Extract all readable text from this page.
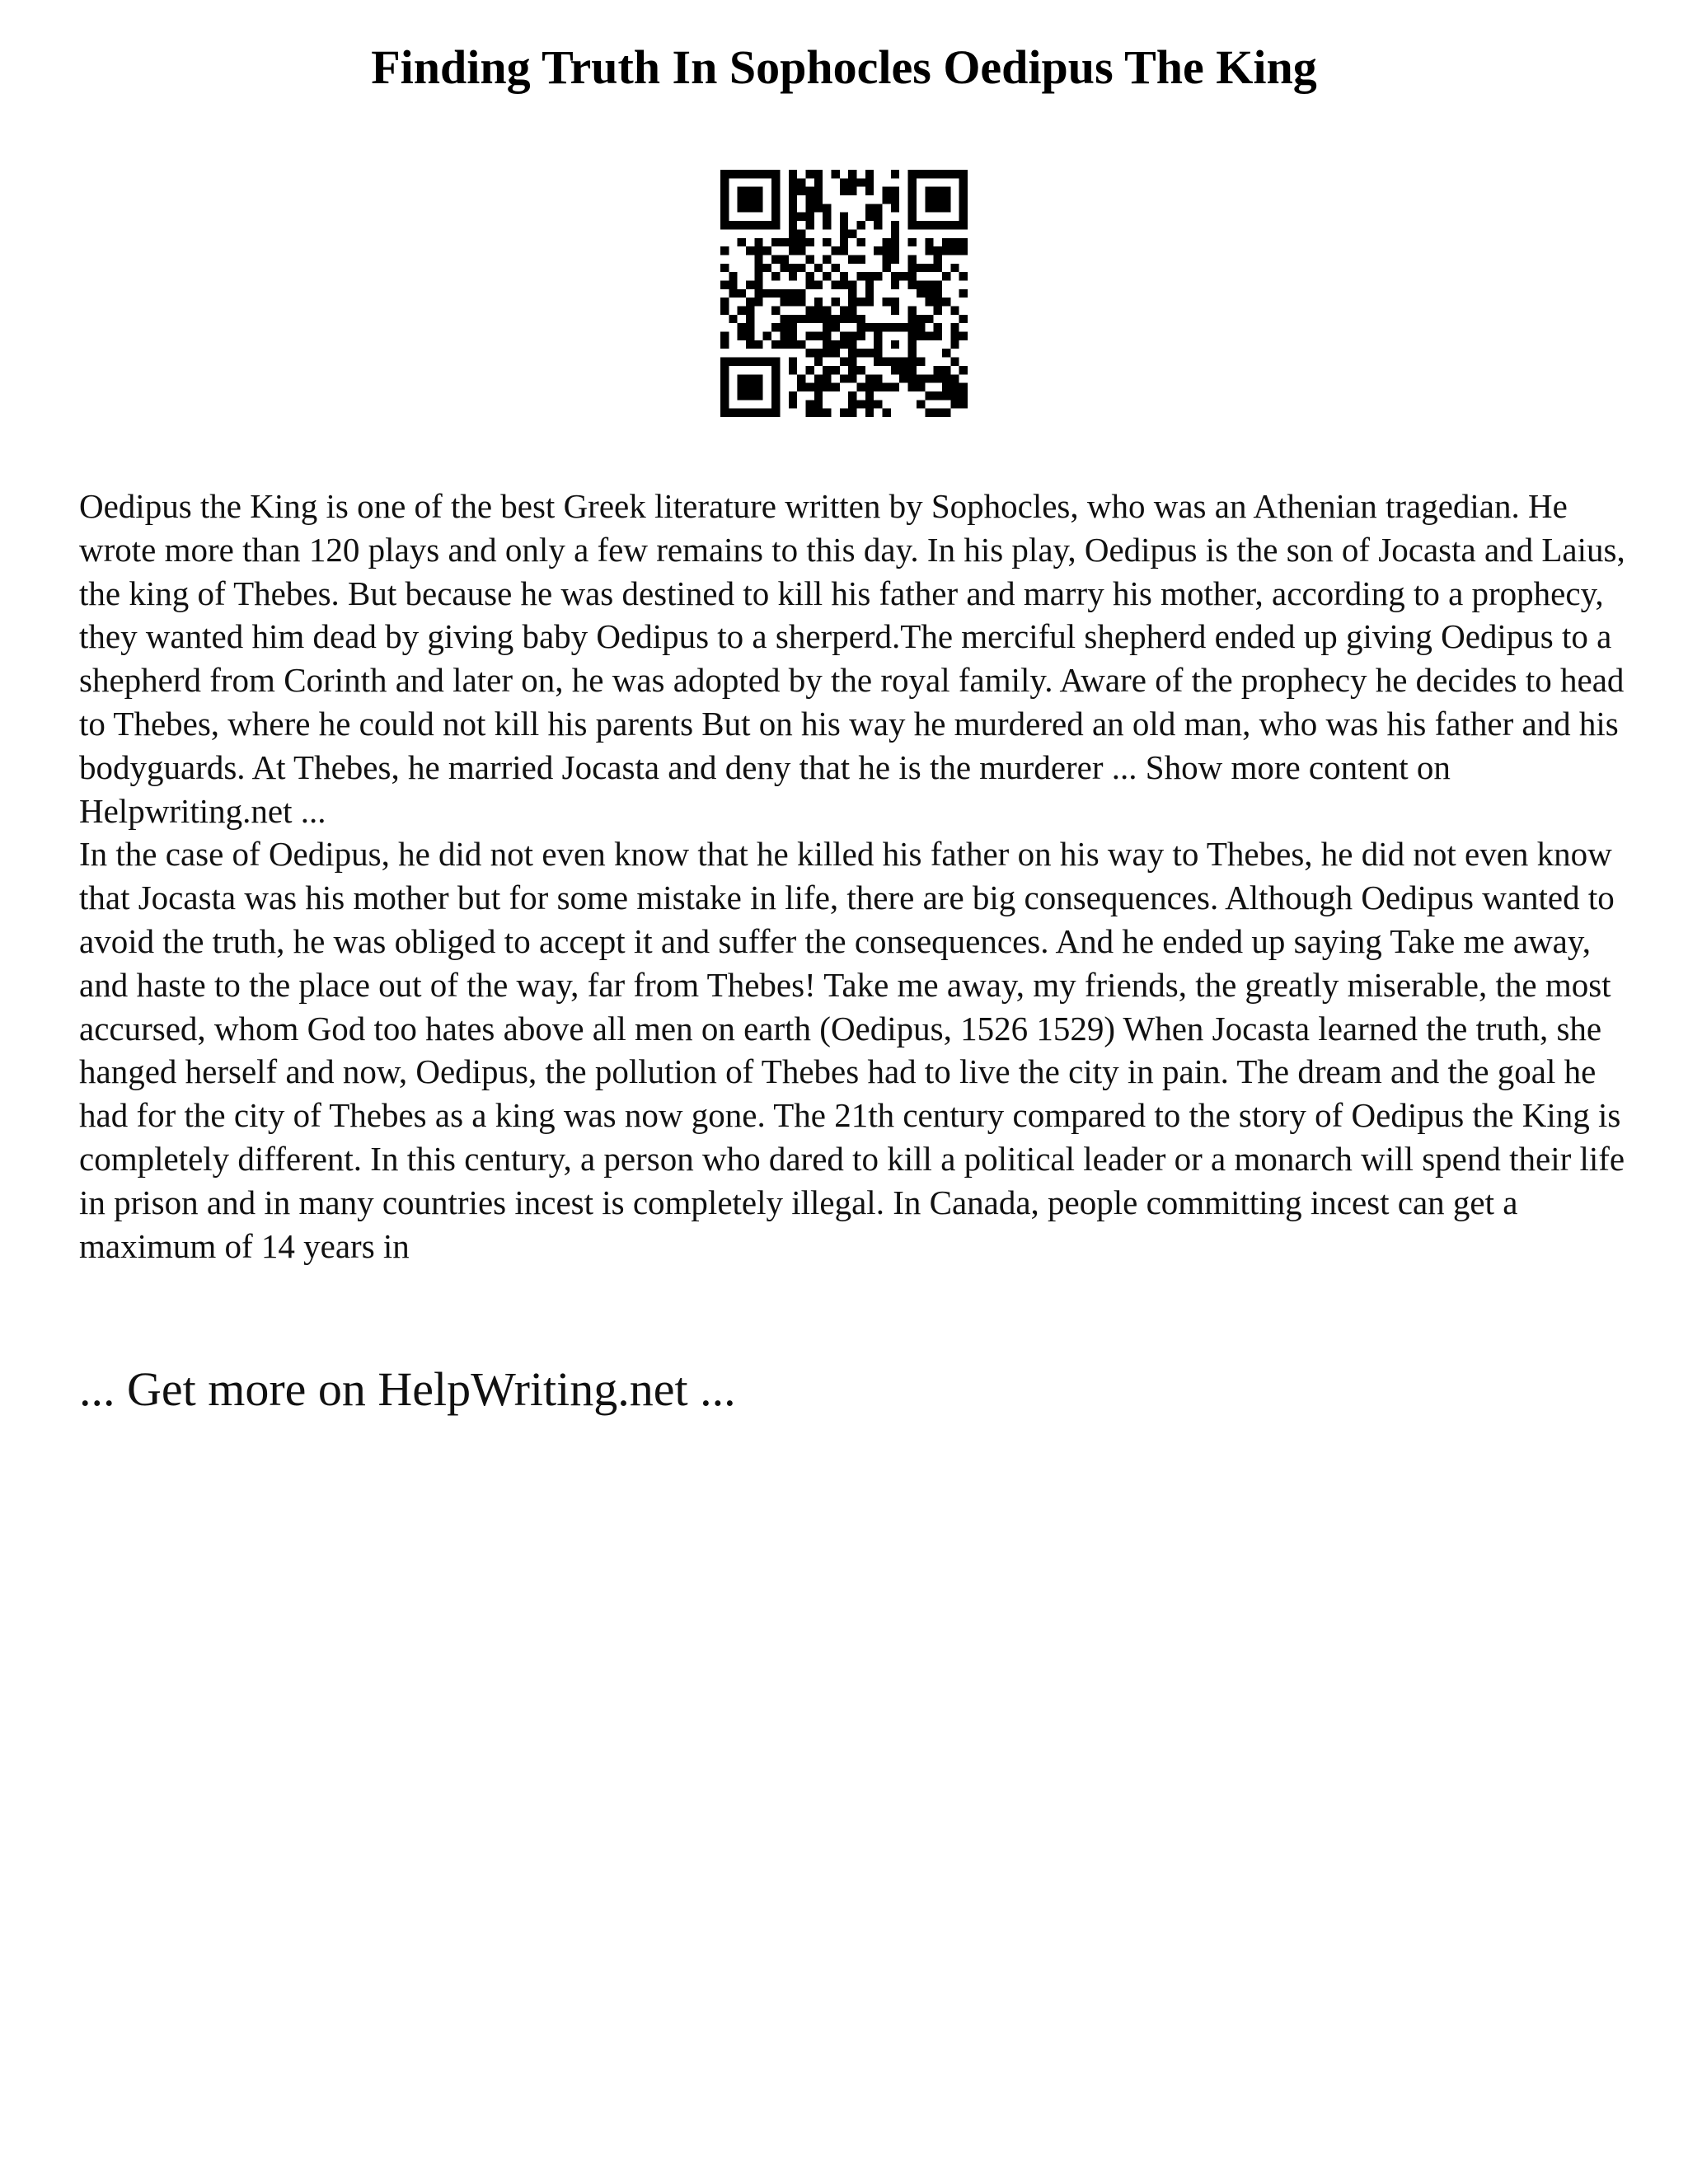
Finding Truth In Sophocles Oedipus The King
Oedipus the King is one of the best Greek literature written by Sophocles, who was an Athenian tragedian. He wrote more than 120 plays and only a few remains to this day. In his play, Oedipus is the son of Jocasta and Laius, the king of Thebes. But because he was destined to kill his father and marry his mother, according to a prophecy, they wanted him dead by giving baby Oedipus to a sherperd.The merciful shepherd ended up giving Oedipus to a shepherd from Corinth and later on, he was adopted by the royal family. Aware of the prophecy he decides to head to Thebes, where he could not kill his parents But on his way he murdered an old man, who was his father and his bodyguards. At Thebes, he married Jocasta and deny that he is the murderer ... Show more content on Helpwriting.net ...
In the case of Oedipus, he did not even know that he killed his father on his way to Thebes, he did not even know that Jocasta was his mother but for some mistake in life, there are big consequences. Although Oedipus wanted to avoid the truth, he was obliged to accept it and suffer the consequences. And he ended up saying Take me away, and haste to the place out of the way, far from Thebes! Take me away, my friends, the greatly miserable, the most accursed, whom God too hates above all men on earth (Oedipus, 1526 1529) When Jocasta learned the truth, she hanged herself and now, Oedipus, the pollution of Thebes had to live the city in pain. The dream and the goal he had for the city of Thebes as a king was now gone. The 21th century compared to the story of Oedipus the King is completely different. In this century, a person who dared to kill a political leader or a monarch will spend their life in prison and in many countries incest is completely illegal. In Canada, people committing incest can get a maximum of 14 years in
... Get more on HelpWriting.net ...
